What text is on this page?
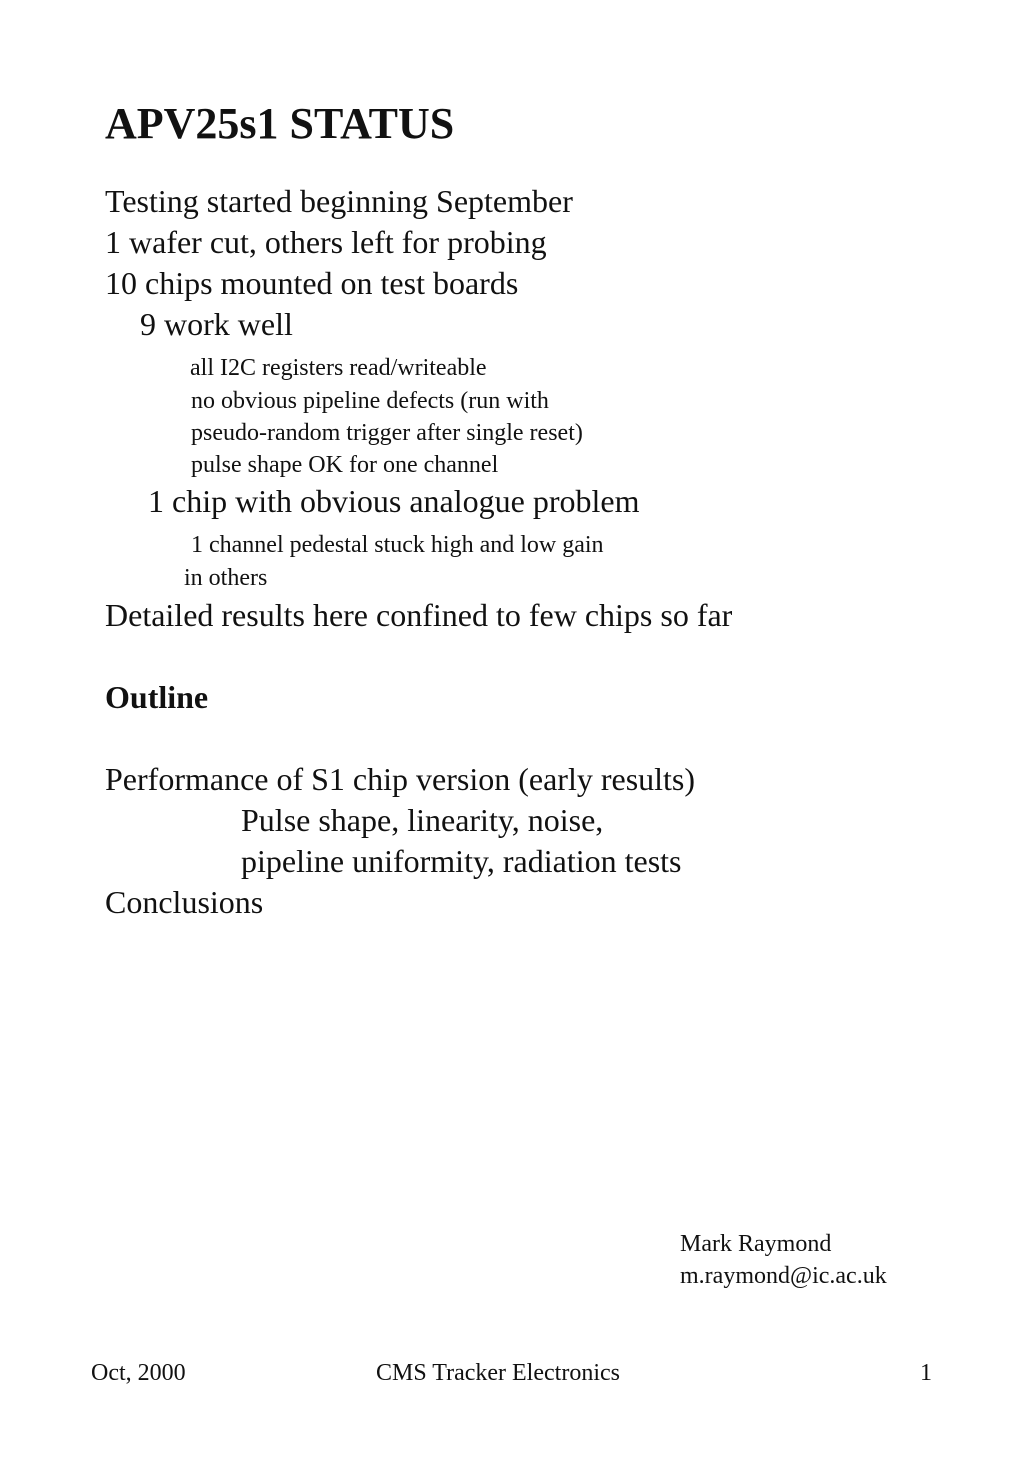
APV25s1 STATUS
Testing started beginning September
1 wafer cut, others left for probing
10 chips mounted on test boards
9 work well
all I2C registers read/writeable
no obvious pipeline defects (run with
pseudo-random trigger after single reset)
pulse shape OK for one channel
1 chip with obvious analogue problem
1 channel pedestal stuck high and low gain
in others
Detailed results here confined to few chips so far
Outline
Performance of S1 chip version (early results)
Pulse shape, linearity, noise,
pipeline uniformity, radiation tests
Conclusions
Mark Raymond
m.raymond@ic.ac.uk
Oct, 2000	CMS Tracker Electronics	1
